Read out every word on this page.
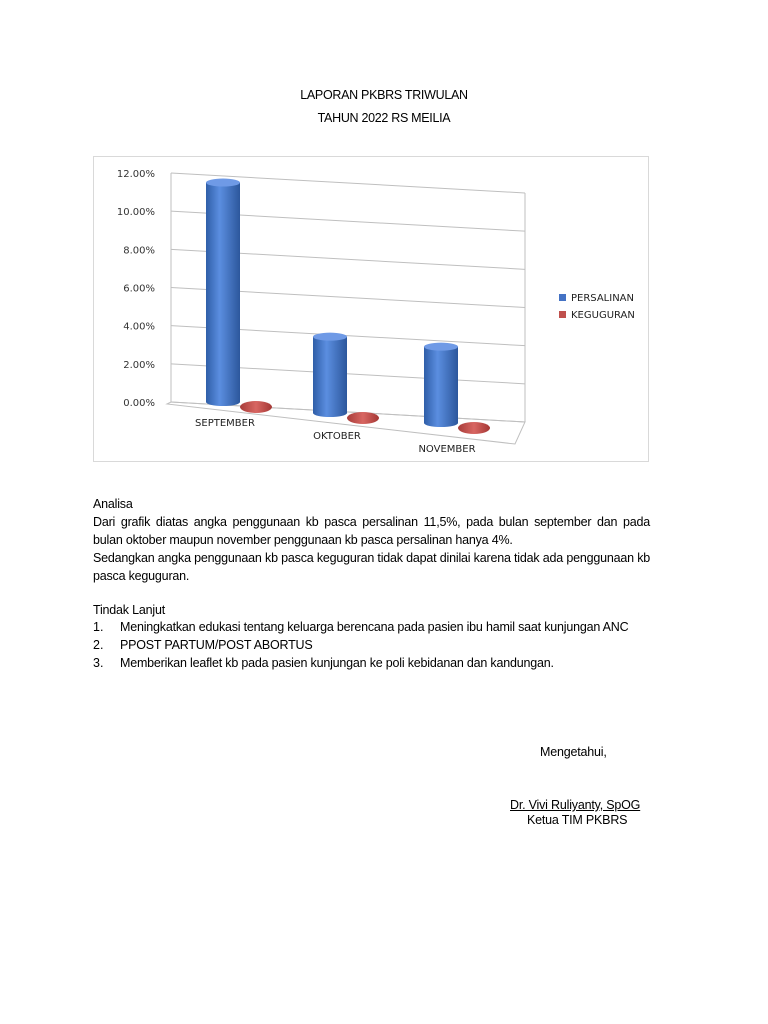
LAPORAN PKBRS TRIWULAN
TAHUN 2022 RS MEILIA
0.00%
2.00%
4.00%
6.00%
8.00%
10.00%
12.00%
SEPTEMBER
OKTOBER
NOVEMBER
PERSALINAN
KEGUGURAN
Analisa
Dari grafik diatas angka penggunaan kb pasca persalinan 11,5%, pada bulan september dan pada bulan oktober maupun november penggunaan kb pasca persalinan hanya 4%.
Sedangkan angka penggunaan kb pasca keguguran tidak dapat dinilai karena tidak ada penggunaan kb pasca keguguran.
Tindak Lanjut
1. Meningkatkan edukasi tentang keluarga berencana pada pasien ibu hamil saat kunjungan ANC
2. PPOST PARTUM/POST ABORTUS
3. Memberikan leaflet kb pada pasien kunjungan ke poli kebidanan dan kandungan.
Mengetahui,
Dr. Vivi Ruliyanty, SpOG
Ketua TIM PKBRS
